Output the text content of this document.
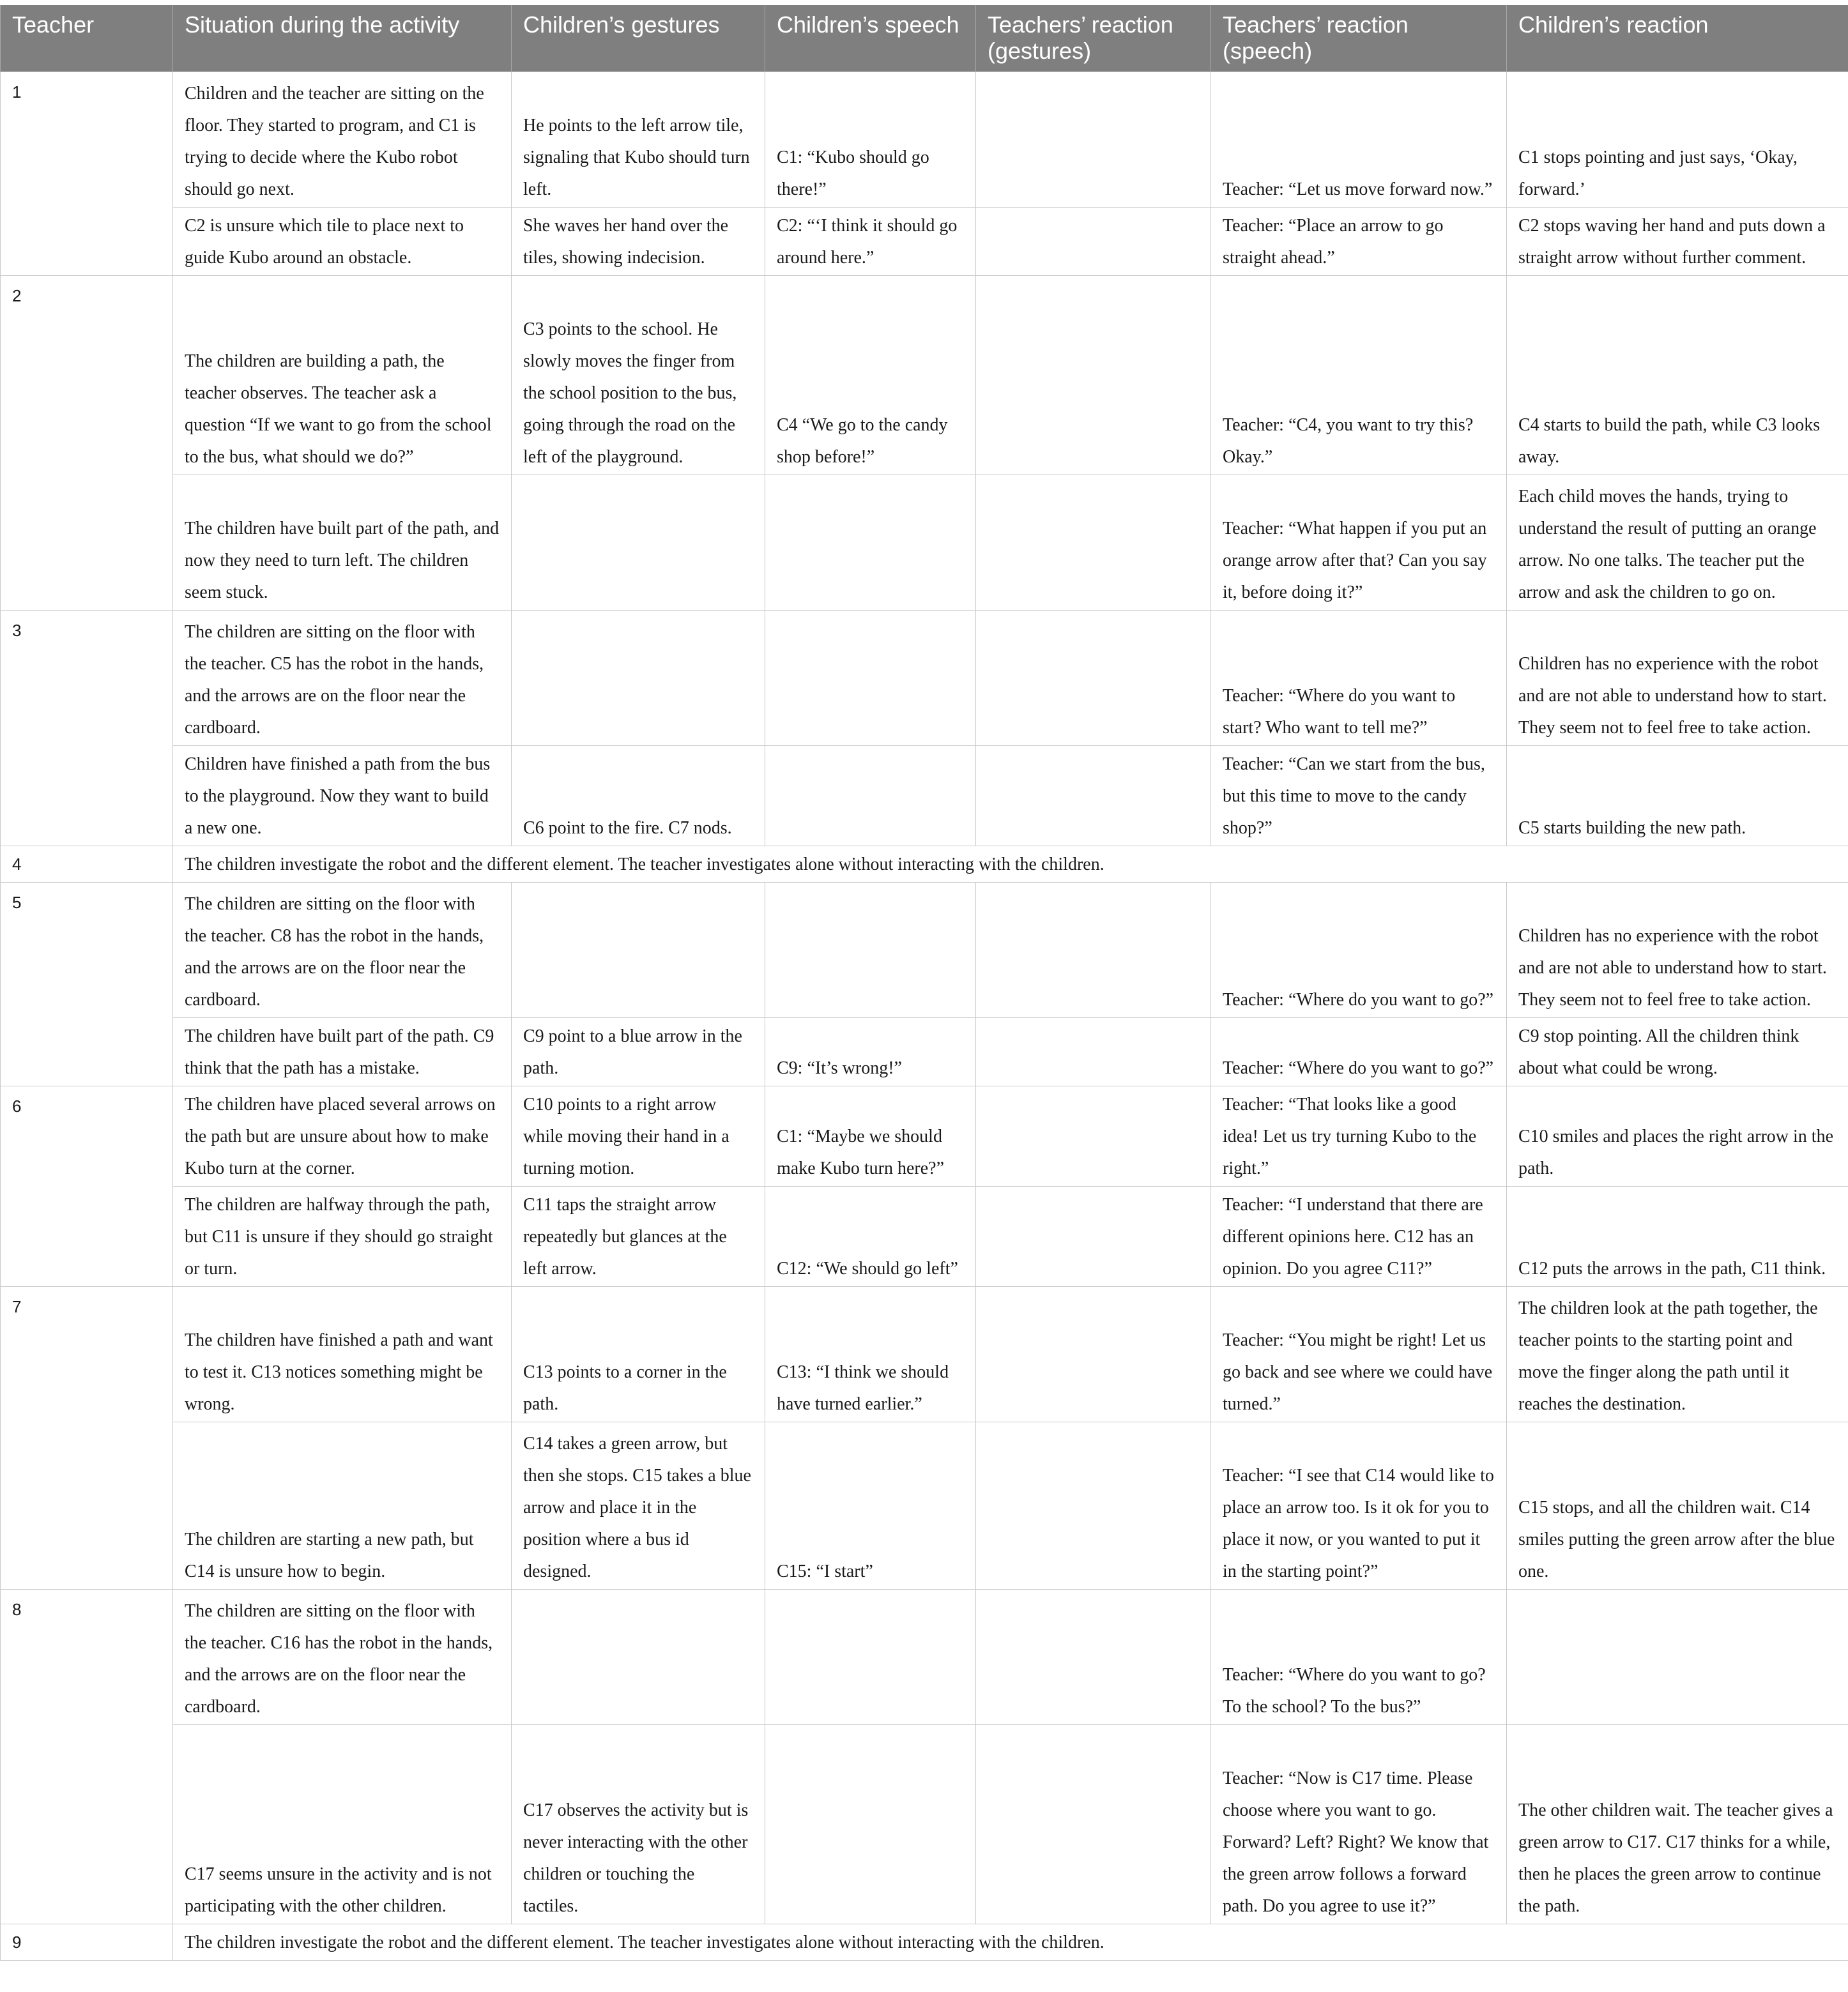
Teacher	Situation during the activity	Children’s gestures	Children’s speech	Teachers’ reaction (gestures)	Teachers’ reaction (speech)	Children’s reaction
1	Children and the teacher are sitting on the floor. They started to program, and C1 is trying to decide where the Kubo robot should go next.	He points to the left arrow tile, signaling that Kubo should turn left.	C1: “Kubo should go there!”		Teacher: “Let us move forward now.”	C1 stops pointing and just says, ‘Okay, forward.’
	C2 is unsure which tile to place next to guide Kubo around an obstacle.	She waves her hand over the tiles, showing indecision.	C2: “‘I think it should go around here.”		Teacher: “Place an arrow to go straight ahead.”	C2 stops waving her hand and puts down a straight arrow without further comment.
2	The children are building a path, the teacher observes. The teacher ask a question “If we want to go from the school to the bus, what should we do?”	C3 points to the school. He slowly moves the finger from the school position to the bus, going through the road on the left of the playground.	C4 “We go to the candy shop before!”		Teacher: “C4, you want to try this? Okay.”	C4 starts to build the path, while C3 looks away.
	The children have built part of the path, and now they need to turn left. The children seem stuck.				Teacher: “What happen if you put an orange arrow after that? Can you say it, before doing it?”	Each child moves the hands, trying to understand the result of putting an orange arrow. No one talks. The teacher put the arrow and ask the children to go on.
3	The children are sitting on the floor with the teacher. C5 has the robot in the hands, and the arrows are on the floor near the cardboard.				Teacher: “Where do you want to start? Who want to tell me?”	Children has no experience with the robot and are not able to understand how to start. They seem not to feel free to take action.
	Children have finished a path from the bus to the playground. Now they want to build a new one.	C6 point to the fire. C7 nods.			Teacher: “Can we start from the bus, but this time to move to the candy shop?”	C5 starts building the new path.
4	The children investigate the robot and the different element. The teacher investigates alone without interacting with the children.					
5	The children are sitting on the floor with the teacher. C8 has the robot in the hands, and the arrows are on the floor near the cardboard.				Teacher: “Where do you want to go?”	Children has no experience with the robot and are not able to understand how to start. They seem not to feel free to take action.
	The children have built part of the path. C9 think that the path has a mistake.	C9 point to a blue arrow in the path.	C9: “It’s wrong!”		Teacher: “Where do you want to go?”	C9 stop pointing. All the children think about what could be wrong.
6	The children have placed several arrows on the path but are unsure about how to make Kubo turn at the corner.	C10 points to a right arrow while moving their hand in a turning motion.	C1: “Maybe we should make Kubo turn here?”		Teacher: “That looks like a good idea! Let us try turning Kubo to the right.”	C10 smiles and places the right arrow in the path.
	The children are halfway through the path, but C11 is unsure if they should go straight or turn.	C11 taps the straight arrow repeatedly but glances at the left arrow.	C12: “We should go left”		Teacher: “I understand that there are different opinions here. C12 has an opinion. Do you agree C11?”	C12 puts the arrows in the path, C11 think.
7	The children have finished a path and want to test it. C13 notices something might be wrong.	C13 points to a corner in the path.	C13: “I think we should have turned earlier.”		Teacher: “You might be right! Let us go back and see where we could have turned.”	The children look at the path together, the teacher points to the starting point and move the finger along the path until it reaches the destination.
	The children are starting a new path, but C14 is unsure how to begin.	C14 takes a green arrow, but then she stops. C15 takes a blue arrow and place it in the position where a bus id designed.	C15: “I start”		Teacher: “I see that C14 would like to place an arrow too. Is it ok for you to place it now, or you wanted to put it in the starting point?”	C15 stops, and all the children wait. C14 smiles putting the green arrow after the blue one.
8	The children are sitting on the floor with the teacher. C16 has the robot in the hands, and the arrows are on the floor near the cardboard.				Teacher: “Where do you want to go? To the school? To the bus?”	
	C17 seems unsure in the activity and is not participating with the other children.	C17 observes the activity but is never interacting with the other children or touching the tactiles.			Teacher: “Now is C17 time. Please choose where you want to go. Forward? Left? Right? We know that the green arrow follows a forward path. Do you agree to use it?”	The other children wait. The teacher gives a green arrow to C17. C17 thinks for a while, then he places the green arrow to continue the path.
9	The children investigate the robot and the different element. The teacher investigates alone without interacting with the children.					
